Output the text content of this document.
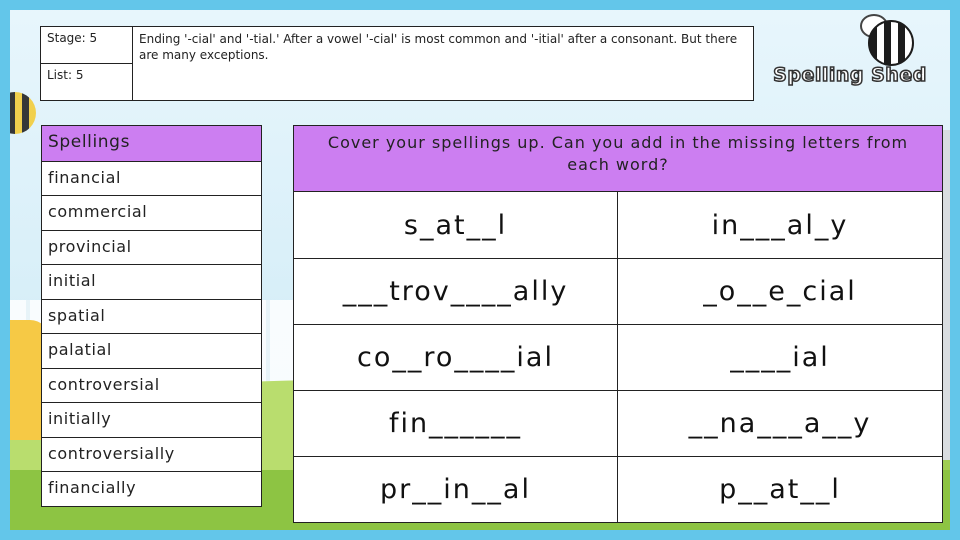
Stage: 5
List: 5
Ending '-cial' and '-tial.' After a vowel '-cial' is most common and '-itial' after a consonant. But there are many exceptions.
Spelling Shed
Spellings
financial
commercial
provincial
initial
spatial
palatial
controversial
initially
controversially
financially
Cover your spellings up. Can you add in the missing letters from each word?
s_at__l	in___al_y
___trov____ally	_o__e_cial
co__ro____ial	____ial
fin______	__na___a__y
pr__in__al	p__at__l
